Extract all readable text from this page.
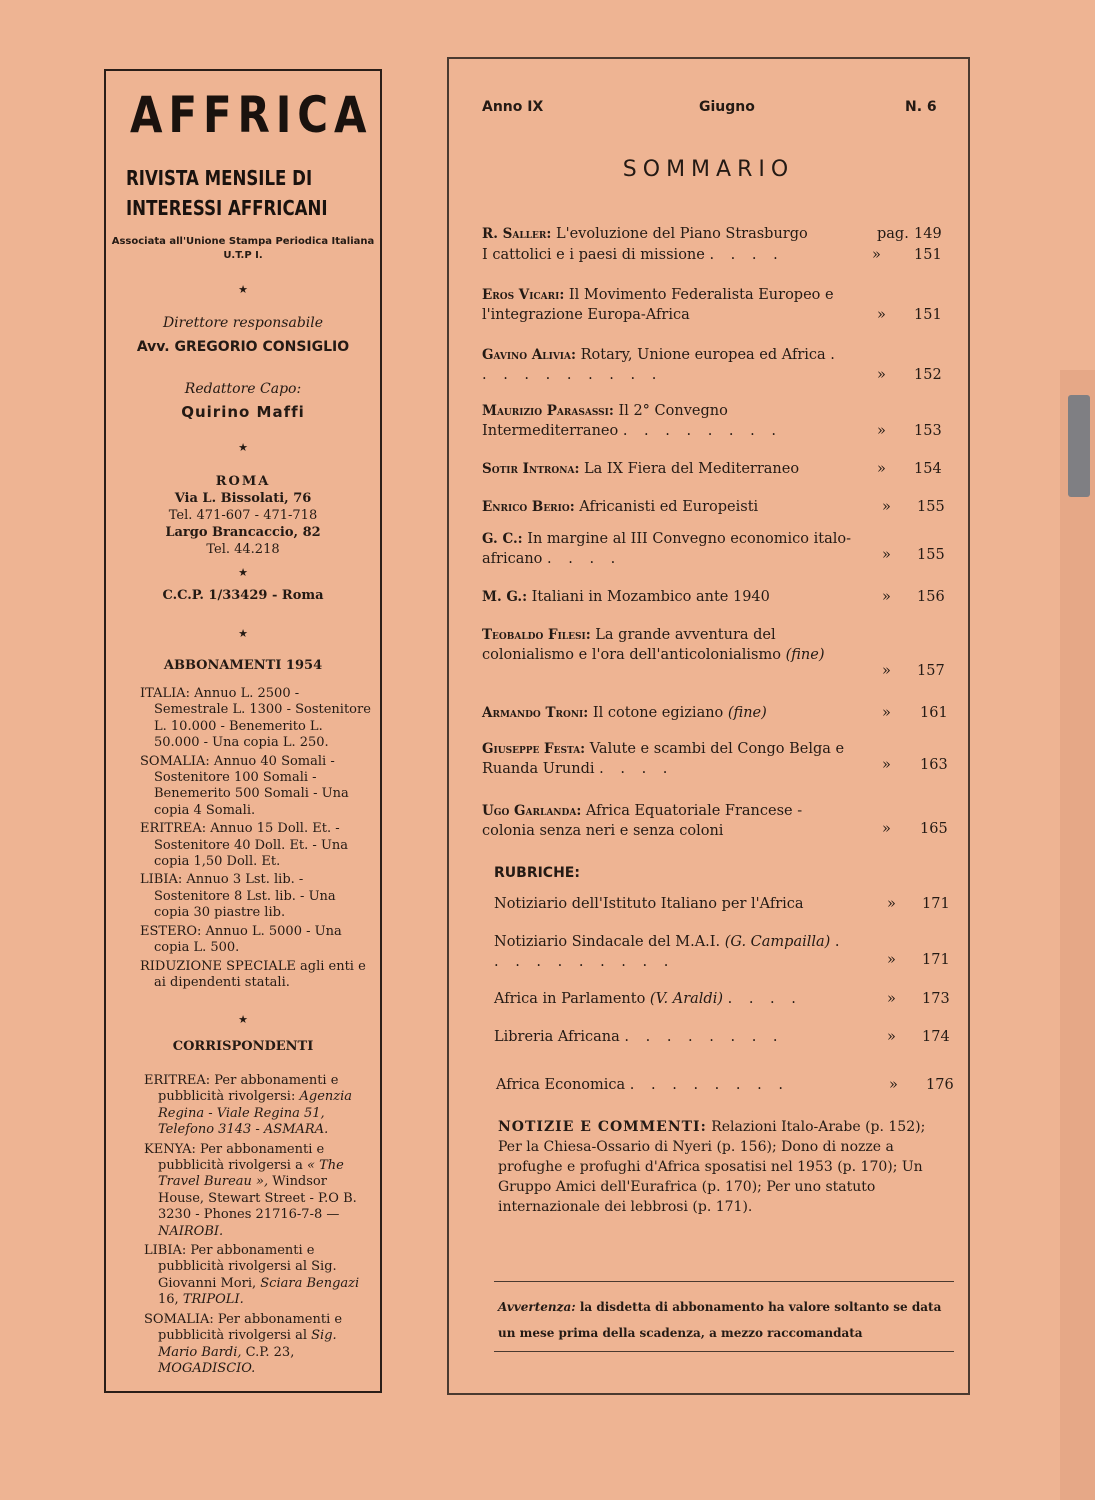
AFFRICA
RIVISTA MENSILE DI
INTERESSI AFFRICANI
Associata all'Unione Stampa Periodica Italiana
U.T.P I.
★
Direttore responsabile
Avv. GREGORIO CONSIGLIO
Redattore Capo:
Quirino Maffi
★
ROMA
Via L. Bissolati, 76
Tel. 471-607 - 471-718
Largo Brancaccio, 82
Tel. 44.218
★
C.C.P. 1/33429 - Roma
★
ABBONAMENTI 1954

ITALIA: Annuo L. 2500 - Semestrale L. 1300 - Sostenitore L. 10.000 - Benemerito L. 50.000 - Una copia L. 250.

SOMALIA: Annuo 40 Somali - Sostenitore 100 Somali - Benemerito 500 Somali - Una copia 4 Somali.

ERITREA: Annuo 15 Doll. Et. - Sostenitore 40 Doll. Et. - Una copia 1,50 Doll. Et.

LIBIA: Annuo 3 Lst. lib. - Sostenitore 8 Lst. lib. - Una copia 30 piastre lib.

ESTERO: Annuo L. 5000 - Una copia L. 500.

RIDUZIONE SPECIALE agli enti e ai dipendenti statali.

★
CORRISPONDENTI

ERITREA: Per abbonamenti e pubblicità rivolgersi: Agenzia Regina - Viale Regina 51, Telefono 3143 - ASMARA.

KENYA: Per abbonamenti e pubblicità rivolgersi a « The Travel Bureau », Windsor House, Stewart Street - P.O B. 3230 - Phones 21716-7-8 — NAIROBI.

LIBIA: Per abbonamenti e pubblicità rivolgersi al Sig. Giovanni Mori, Sciara Bengazi 16, TRIPOLI.

SOMALIA: Per abbonamenti e pubblicità rivolgersi al Sig. Mario Bardi, C.P. 23, MOGADISCIO.

Anno IX	Giugno	N. 6
SOMMARIO
R. Saller: L'evoluzione del Piano Strasburgo	pag. 149
I cattolici e i paesi di missione . . . .	» 151
Eros Vicari: Il Movimento Federalista Europeo e l'integrazione Europa-Africa	» 151
Gavino Alivia: Rotary, Unione europea ed Africa . . . . . . . . . .	» 152
Maurizio Parasassi: Il 2° Convegno Intermediterraneo . . . . . . . .	» 153
Sotir Introna: La IX Fiera del Mediterraneo	» 154
Enrico Berio: Africanisti ed Europeisti	» 155
G. C.: In margine al III Convegno economico italo-africano . . . .	» 155
M. G.: Italiani in Mozambico ante 1940	» 156
Teobaldo Filesi: La grande avventura del colonialismo e l'ora dell'anticolonialismo (fine)
» 157
Armando Troni: Il cotone egiziano (fine)	» 161
Giuseppe Festa: Valute e scambi del Congo Belga e Ruanda Urundi . . . .	» 163
Ugo Garlanda: Africa Equatoriale Francese - colonia senza neri e senza coloni	» 165
RUBRICHE:
Notiziario dell'Istituto Italiano per l'Africa	» 171
Notiziario Sindacale del M.A.I. (G. Campailla) . . . . . . . . . .	» 171
Africa in Parlamento (V. Araldi) . . . .	» 173
Libreria Africana . . . . . . . .	» 174
Africa Economica . . . . . . . .	» 176
NOTIZIE E COMMENTI: Relazioni Italo-Arabe (p. 152); Per la Chiesa-Ossario di Nyeri (p. 156); Dono di nozze a profughe e profughi d'Africa sposatisi nel 1953 (p. 170); Un Gruppo Amici dell'Eurafrica (p. 170); Per uno statuto internazionale dei lebbrosi (p. 171).
Avvertenza: la disdetta di abbonamento ha valore soltanto se data un mese prima della scadenza, a mezzo raccomandata
